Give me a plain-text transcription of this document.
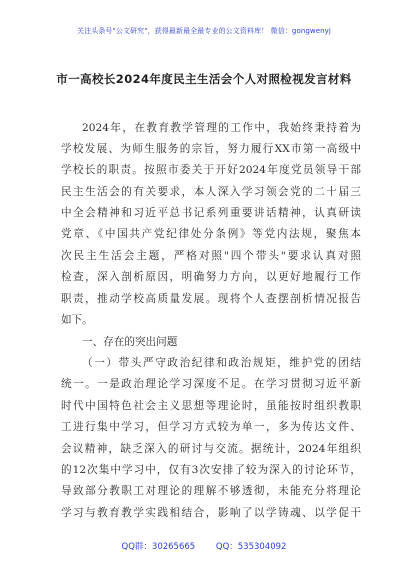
关注头条号"公文研究"，获得最新最全最专业的公文资料库！ 微信：gongwenyj
市一高校长2024年度民主生活会个人对照检视发言材料
2024年，在教育教学管理的工作中，我始终秉持着为
学校发展、为师生服务的宗旨，努力履行XX市第一高级中
学校长的职责。按照市委关于开好2024年度党员领导干部
民主生活会的有关要求，本人深入学习领会党的二十届三
中全会精神和习近平总书记系列重要讲话精神，认真研读
党章、《中国共产党纪律处分条例》等党内法规，聚焦本
次民主生活会主题，严格对照"四个带头"要求认真对照
检查，深入剖析原因，明确努力方向，以更好地履行工作
职责，推动学校高质量发展。现将个人查摆剖析情况报告
如下。
一、存在的突出问题
（一）带头严守政治纪律和政治规矩，维护党的团结
统一。一是政治理论学习深度不足。在学习贯彻习近平新
时代中国特色社会主义思想等理论时，虽能按时组织教职
工进行集中学习，但学习方式较为单一，多为传达文件、
会议精神，缺乏深入的研讨与交流。据统计，2024年组织
的12次集中学习中，仅有3次安排了较为深入的讨论环节，
导致部分教职工对理论的理解不够透彻，未能充分将理论
学习与教育教学实践相结合，影响了以学铸魂、以学促干
QQ群：30265665 QQ：535304092
